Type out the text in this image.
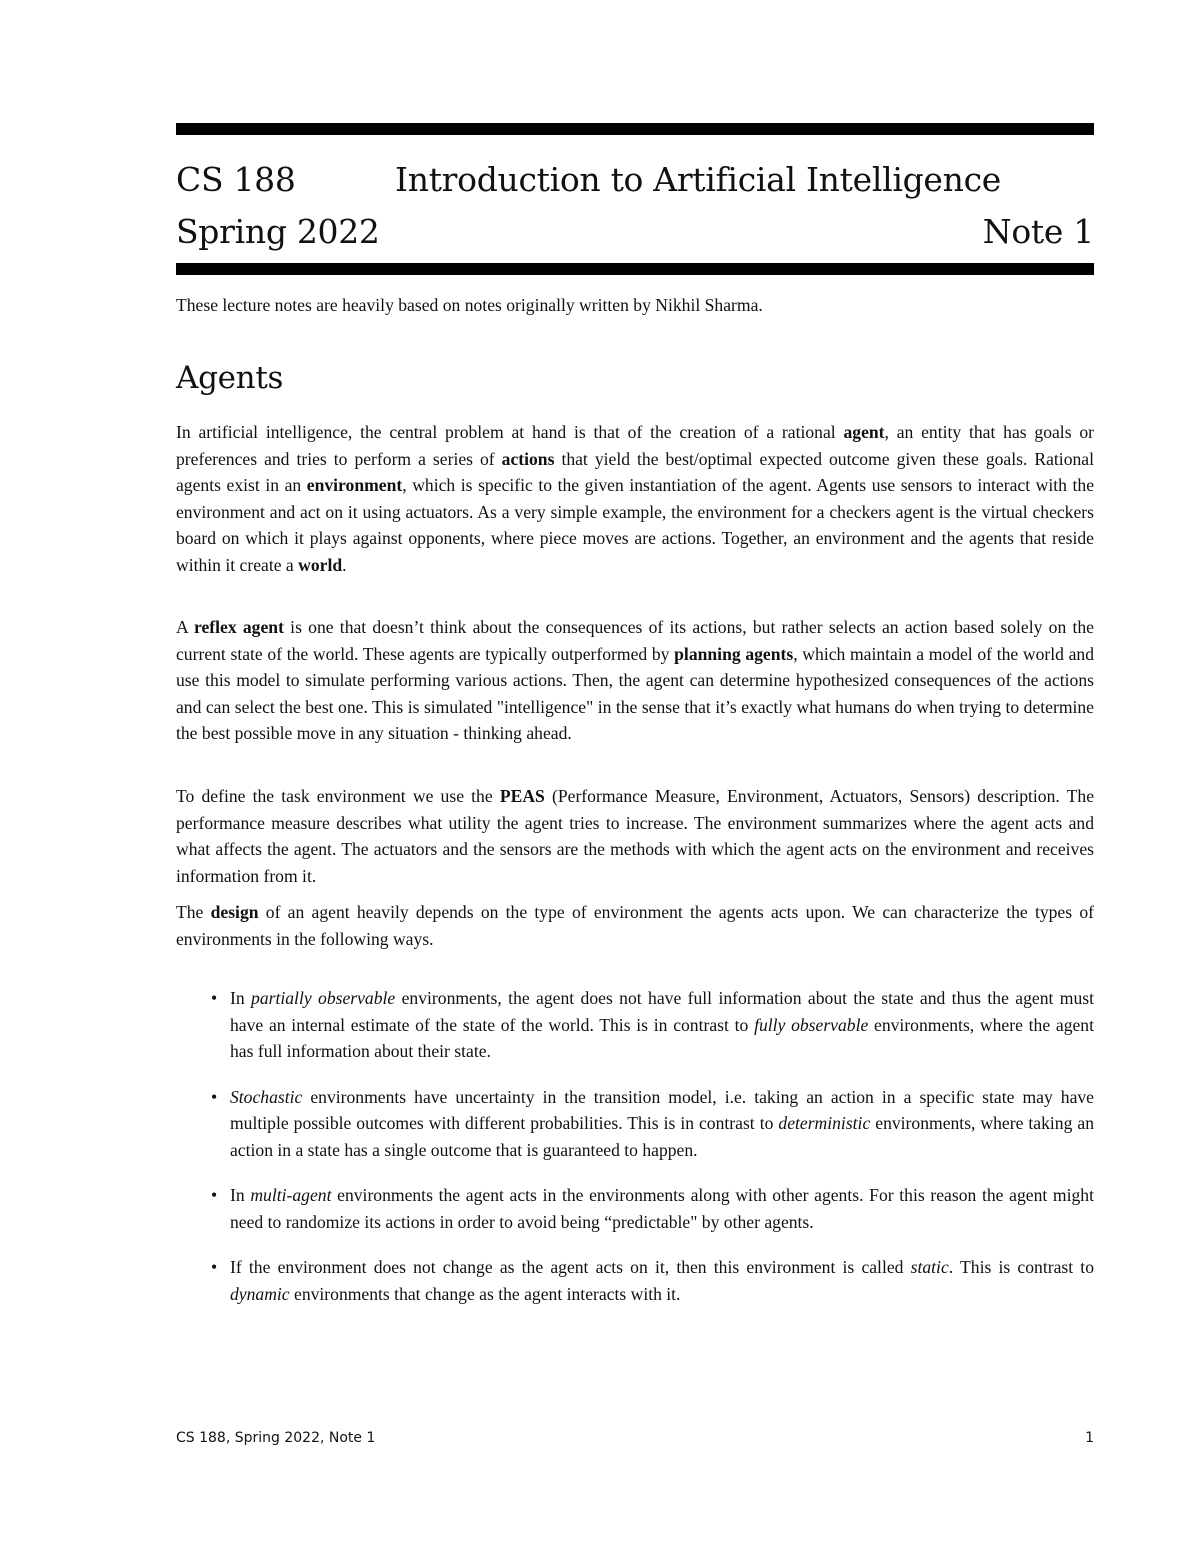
CS 188	Introduction to Artificial Intelligence
Spring 2022	Note 1
These lecture notes are heavily based on notes originally written by Nikhil Sharma.
Agents

In artificial intelligence, the central problem at hand is that of the creation of a rational agent, an entity that has goals or preferences and tries to perform a series of actions that yield the best/optimal expected outcome given these goals. Rational agents exist in an environment, which is specific to the given instantiation of the agent. Agents use sensors to interact with the environment and act on it using actuators. As a very simple example, the environment for a checkers agent is the virtual checkers board on which it plays against opponents, where piece moves are actions. Together, an environment and the agents that reside within it create a world.

A reflex agent is one that doesn’t think about the consequences of its actions, but rather selects an action based solely on the current state of the world. These agents are typically outperformed by planning agents, which maintain a model of the world and use this model to simulate performing various actions. Then, the agent can determine hypothesized consequences of the actions and can select the best one. This is simulated "intelligence" in the sense that it’s exactly what humans do when trying to determine the best possible move in any situation - thinking ahead.

To define the task environment we use the PEAS (Performance Measure, Environment, Actuators, Sensors) description. The performance measure describes what utility the agent tries to increase. The environment summarizes where the agent acts and what affects the agent. The actuators and the sensors are the methods with which the agent acts on the environment and receives information from it.

The design of an agent heavily depends on the type of environment the agents acts upon. We can characterize the types of environments in the following ways.

• In partially observable environments, the agent does not have full information about the state and thus the agent must have an internal estimate of the state of the world. This is in contrast to fully observable environments, where the agent has full information about their state.
• Stochastic environments have uncertainty in the transition model, i.e. taking an action in a specific state may have multiple possible outcomes with different probabilities. This is in contrast to deterministic environments, where taking an action in a state has a single outcome that is guaranteed to happen.
• In multi-agent environments the agent acts in the environments along with other agents. For this reason the agent might need to randomize its actions in order to avoid being “predictable" by other agents.
• If the environment does not change as the agent acts on it, then this environment is called static. This is contrast to dynamic environments that change as the agent interacts with it.
CS 188, Spring 2022, Note 1	1
